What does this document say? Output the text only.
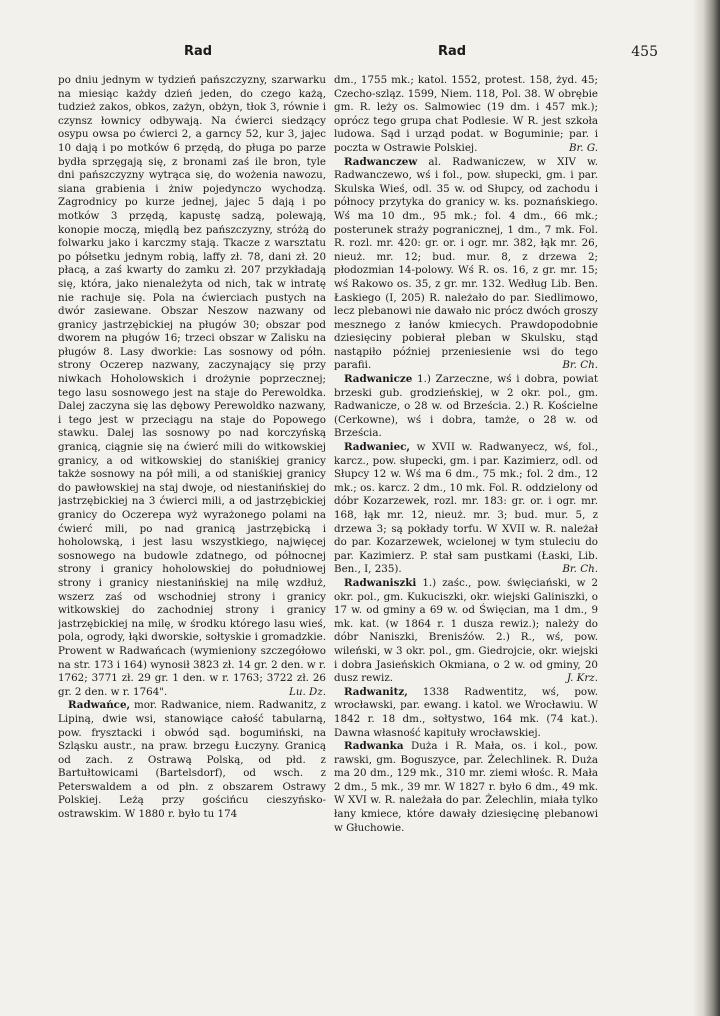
Rad	Rad	455

po dniu jednym w tydzień pańszczyzny, szarwarku na miesiąc każdy dzień jeden, do czego każą, tudzież zakos, obkos, zażyn, obżyn, tłok 3, równie i czynsz łownicy odbywają. Na ćwierci siedzący osypu owsa po ćwierci 2, a garncy 52, kur 3, jajec 10 dają i po motków 6 przędą, do pługa po parze bydła sprzęgają się, z bronami zaś ile bron, tyle dni pańszczyzny wytrąca się, do wożenia nawozu, siana grabienia i żniw pojedynczo wychodzą. Zagrodnicy po kurze jednej, jajec 5 dają i po motków 3 przędą, kapustę sadzą, polewają, konopie moczą, międlą bez pańszczyzny, stróżą do folwarku jako i karczmy stają. Tkacze z warsztatu po półsetku jednym robią, laffy zł. 78, dani zł. 20 płacą, a zaś kwarty do zamku zł. 207 przykładają się, która, jako nienależyta od nich, tak w intratę nie rachuje się. Pola na ćwierciach pustych na dwór zasiewane. Obszar Neszow nazwany od granicy jastrzębickiej na pługów 30; obszar pod dworem na pługów 16; trzeci obszar w Zalisku na pługów 8. Lasy dworkie: Las sosnowy od półn. strony Oczerep nazwany, zaczynający się przy niwkach Hoholowskich i drożynie poprzecznej; tego lasu sosnowego jest na staje do Perewoldka. Dalej zaczyna się las dębowy Perewoldko nazwany, i tego jest w przeciągu na staje do Popowego stawku. Dalej las sosnowy po nad korczyńską granicą, ciągnie się na ćwierć mili do witkowskiej granicy, a od witkowskiej do staniśkiej granicy także sosnowy na pół mili, a od staniśkiej granicy do pawłowskiej na staj dwoje, od niestanińskiej do jastrzębickiej na 3 ćwierci mili, a od jastrzębickiej granicy do Oczerepa wyż wyrażonego polami na ćwierć mili, po nad granicą jastrzębicką i hoholowską, i jest lasu wszystkiego, najwięcej sosnowego na budowle zdatnego, od północnej strony i granicy hoholowskiej do południowej strony i granicy niestanińskiej na milę wzdłuż, wszerz zaś od wschodniej strony i granicy witkowskiej do zachodniej strony i granicy jastrzębickiej na milę, w środku którego lasu wieś, pola, ogrody, łąki dworskie, sołtyskie i gromadzkie. Prowent w Radwańcach (wymieniony szczegółowo na str. 173 i 164) wynosił 3823 zł. 14 gr. 2 den. w r. 1762; 3771 zł. 29 gr. 1 den. w r. 1763; 3722 zł. 26 gr. 2 den. w r. 1764".	Lu. Dz.

Radwańce, mor. Radwanice, niem. Radwanitz, z Lipiną, dwie wsi, stanowiące całość tabularną, pow. frysztacki i obwód sąd. bogumiński, na Szląsku austr., na praw. brzegu Łuczyny. Granicą od zach. z Ostrawą Polską, od płd. z Bartułtowicami (Bartelsdorf), od wsch. z Peterswaldem a od płn. z obszarem Ostrawy Polskiej. Leżą przy gościńcu cieszyńsko-ostrawskim. W 1880 r. było tu 174

dm., 1755 mk.; katol. 1552, protest. 158, żyd. 45; Czecho-szląz. 1599, Niem. 118, Pol. 38. W obrębie gm. R. leży os. Salmowiec (19 dm. i 457 mk.); oprócz tego grupa chat Podlesie. W R. jest szkoła ludowa. Sąd i urząd podat. w Boguminie; par. i poczta w Ostrawie Polskiej.	Br. G.

Radwanczew al. Radwaniczew, w XIV w. Radwanczewo, wś i fol., pow. słupecki, gm. i par. Skulska Wieś, odl. 35 w. od Słupcy, od zachodu i północy przytyka do granicy w. ks. poznańskiego. Wś ma 10 dm., 95 mk.; fol. 4 dm., 66 mk.; posterunek straży pogranicznej, 1 dm., 7 mk. Fol. R. rozl. mr. 420: gr. or. i ogr. mr. 382, łąk mr. 26, nieuż. mr. 12; bud. mur. 8, z drzewa 2; płodozmian 14-polowy. Wś R. os. 16, z gr. mr. 15; wś Rakowo os. 35, z gr. mr. 132. Według Lib. Ben. Łaskiego (I, 205) R. należało do par. Siedlimowo, lecz plebanowi nie dawało nic prócz dwóch groszy mesznego z łanów kmiecych. Prawdopodobnie dziesięciny pobierał pleban w Skulsku, stąd nastąpiło później przeniesienie wsi do tego parafii.	Br. Ch.

Radwanicze 1.) Zarzeczne, wś i dobra, powiat brzeski gub. grodzieńskiej, w 2 okr. pol., gm. Radwanicze, o 28 w. od Brześcia. 2.) R. Kościelne (Cerkowne), wś i dobra, tamże, o 28 w. od Brześcia.

Radwaniec, w XVII w. Radwanyecz, wś, fol., karcz., pow. słupecki, gm. i par. Kazimierz, odl. od Słupcy 12 w. Wś ma 6 dm., 75 mk.; fol. 2 dm., 12 mk.; os. karcz. 2 dm., 10 mk. Fol. R. oddzielony od dóbr Kozarzewek, rozl. mr. 183: gr. or. i ogr. mr. 168, łąk mr. 12, nieuż. mr. 3; bud. mur. 5, z drzewa 3; są pokłady torfu. W XVII w. R. należał do par. Kozarzewek, wcielonej w tym stuleciu do par. Kazimierz. P. stał sam pustkami (Łaski, Lib. Ben., I, 235).	Br. Ch.

Radwaniszki 1.) zaśc., pow. święciański, w 2 okr. pol., gm. Kukuciszki, okr. wiejski Galiniszki, o 17 w. od gminy a 69 w. od Święcian, ma 1 dm., 9 mk. kat. (w 1864 r. 1 dusza rewiz.); należy do dóbr Naniszki, Brenisźów. 2.) R., wś, pow. wileński, w 3 okr. pol., gm. Giedrojcie, okr. wiejski i dobra Jasieńskich Okmiana, o 2 w. od gminy, 20 dusz rewiz.	J. Krz.

Radwanitz, 1338 Radwentitz, wś, pow. wrocławski, par. ewang. i katol. we Wrocławiu. W 1842 r. 18 dm., sołtystwo, 164 mk. (74 kat.). Dawna własność kapituły wrocławskiej.

Radwanka Duża i R. Mała, os. i kol., pow. rawski, gm. Boguszyce, par. Żelechlinek. R. Duża ma 20 dm., 129 mk., 310 mr. ziemi włośc. R. Mała 2 dm., 5 mk., 39 mr. W 1827 r. było 6 dm., 49 mk. W XVI w. R. należała do par. Żelechlin, miała tylko łany kmiece, które dawały dziesięcinę plebanowi w Głuchowie.
